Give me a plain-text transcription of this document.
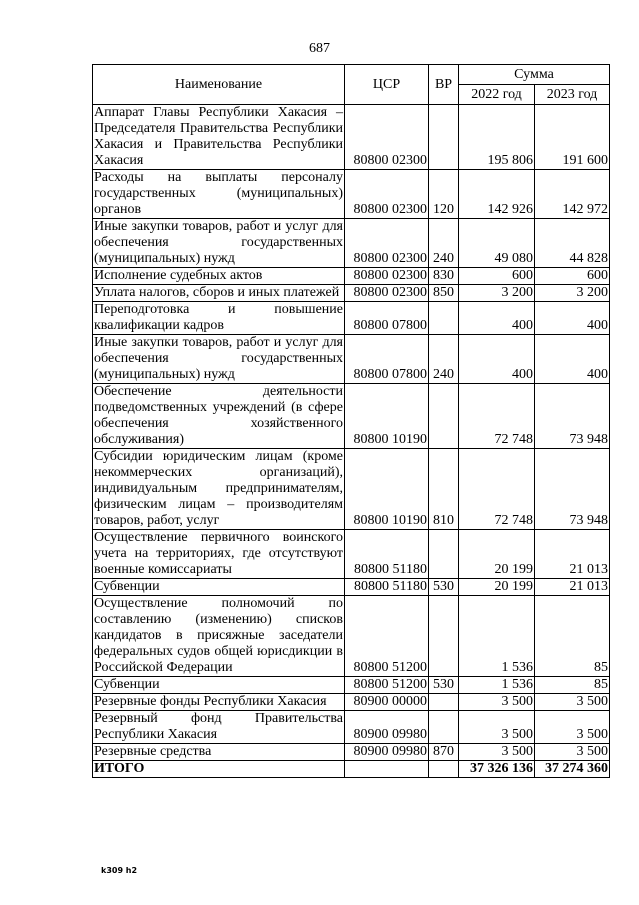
687
Наименование	ЦСР	ВР	Сумма	
			2022 год	2023 год
Аппарат Главы Республики Хакасия – Председателя Правительства Республики Хакасия и Правительства Республики Хакасия	80800 02300		195 806	191 600
Расходы на выплаты персоналу государственных (муниципальных) органов	80800 02300	120	142 926	142 972
Иные закупки товаров, работ и услуг для обеспечения государственных (муниципальных) нужд	80800 02300	240	49 080	44 828
Исполнение судебных актов	80800 02300	830	600	600
Уплата налогов, сборов и иных платежей	80800 02300	850	3 200	3 200
Переподготовка и повышение квалификации кадров	80800 07800		400	400
Иные закупки товаров, работ и услуг для обеспечения государственных (муниципальных) нужд	80800 07800	240	400	400
Обеспечение деятельности подведомственных учреждений (в сфере обеспечения хозяйственного обслуживания)	80800 10190		72 748	73 948
Субсидии юридическим лицам (кроме некоммерческих организаций), индивидуальным предпринимателям, физическим лицам – производителям товаров, работ, услуг	80800 10190	810	72 748	73 948
Осуществление первичного воинского учета на территориях, где отсутствуют военные комиссариаты	80800 51180		20 199	21 013
Субвенции	80800 51180	530	20 199	21 013
Осуществление полномочий по составлению (изменению) списков кандидатов в присяжные заседатели федеральных судов общей юрисдикции в Российской Федерации	80800 51200		1 536	85
Субвенции	80800 51200	530	1 536	85
Резервные фонды Республики Хакасия	80900 00000		3 500	3 500
Резервный фонд Правительства Республики Хакасия	80900 09980		3 500	3 500
Резервные средства	80900 09980	870	3 500	3 500
ИТОГО			37 326 136	37 274 360
k309 h2
